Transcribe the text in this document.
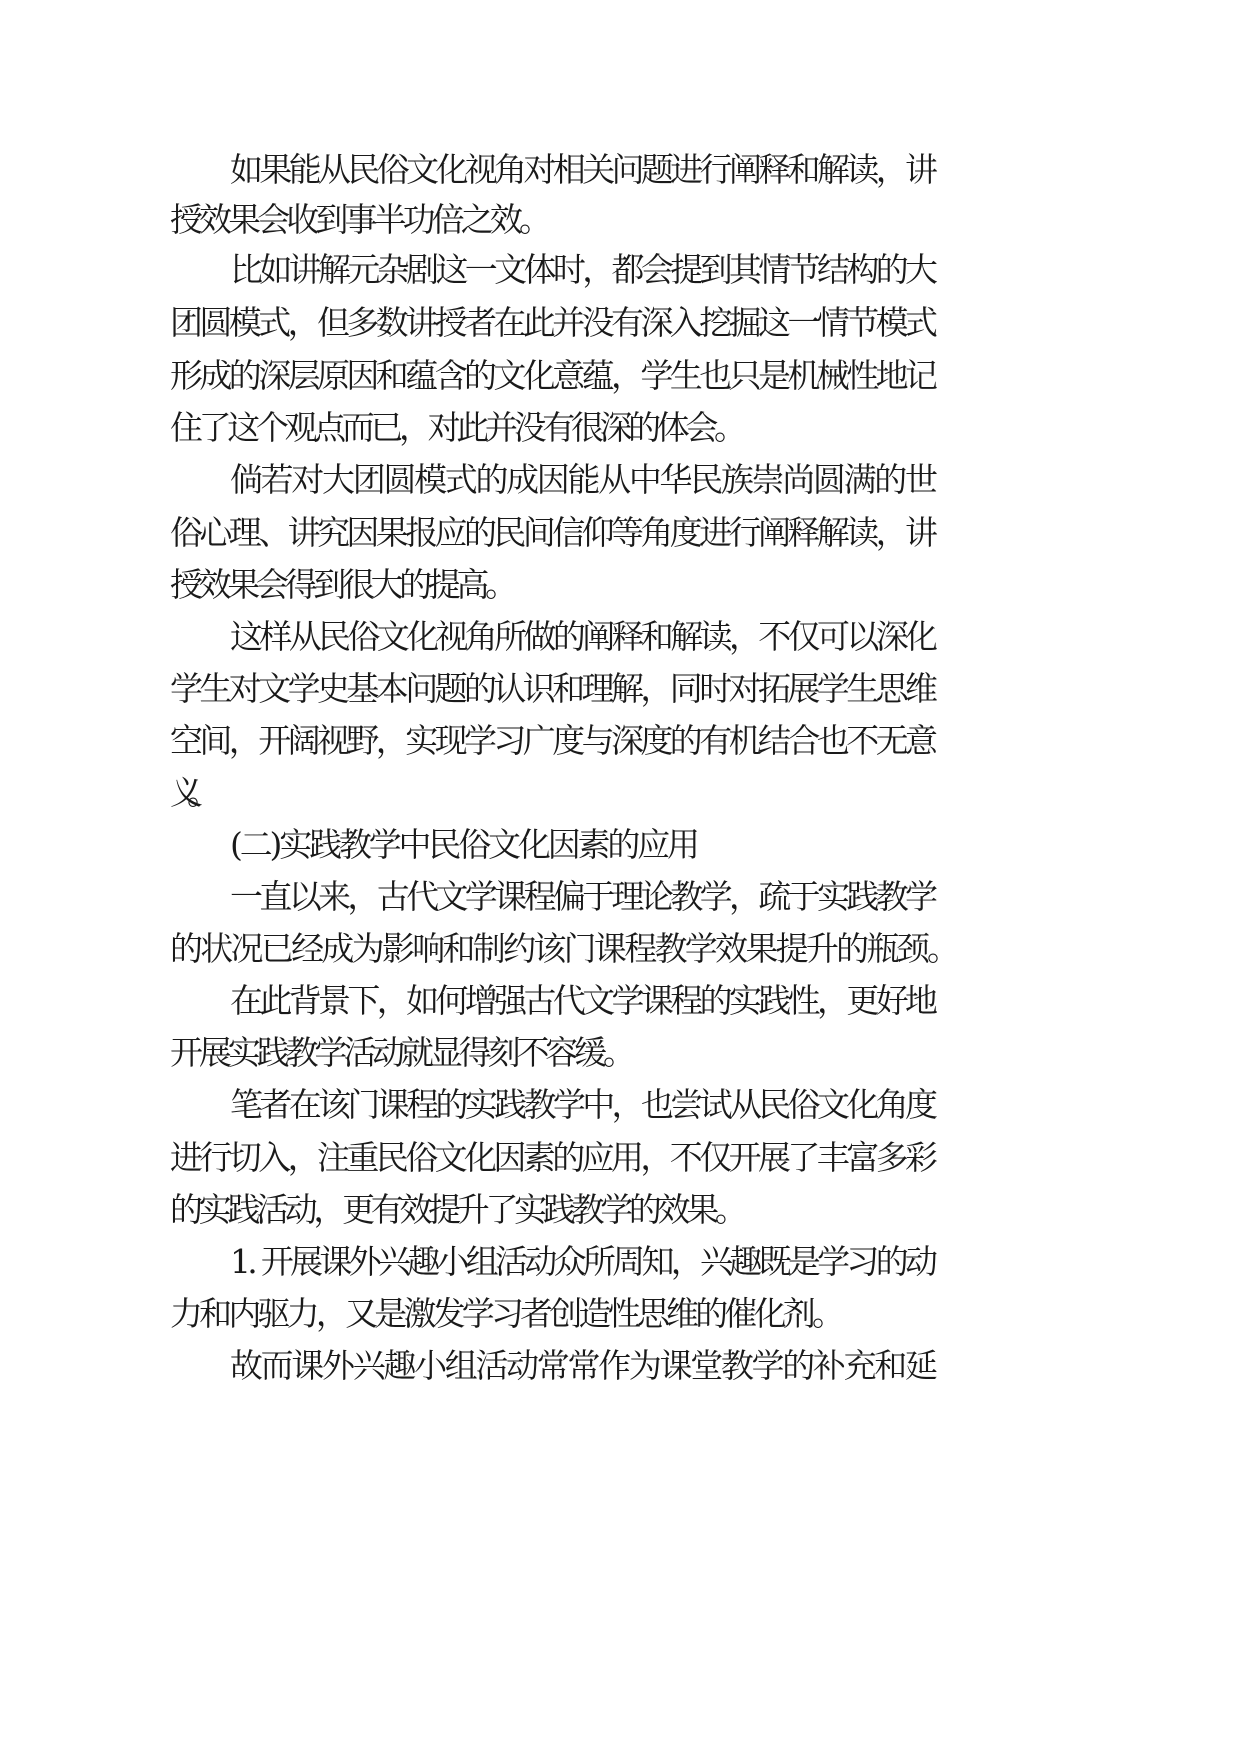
如果能从民俗文化视角对相关问题进行阐释和解读，讲
授效果会收到事半功倍之效。
比如讲解元杂剧这一文体时，都会提到其情节结构的大
团圆模式，但多数讲授者在此并没有深入挖掘这一情节模式
形成的深层原因和蕴含的文化意蕴，学生也只是机械性地记
住了这个观点而已，对此并没有很深的体会。
倘若对大团圆模式的成因能从中华民族崇尚圆满的世
俗心理、讲究因果报应的民间信仰等角度进行阐释解读，讲
授效果会得到很大的提高。
这样从民俗文化视角所做的阐释和解读，不仅可以深化
学生对文学史基本问题的认识和理解，同时对拓展学生思维
空间，开阔视野，实现学习广度与深度的有机结合也不无意
义。
(二)实践教学中民俗文化因素的应用
一直以来，古代文学课程偏于理论教学，疏于实践教学
的状况已经成为影响和制约该门课程教学效果提升的瓶颈。
在此背景下，如何增强古代文学课程的实践性，更好地
开展实践教学活动就显得刻不容缓。
笔者在该门课程的实践教学中，也尝试从民俗文化角度
进行切入，注重民俗文化因素的应用，不仅开展了丰富多彩
的实践活动，更有效提升了实践教学的效果。
1. 开展课外兴趣小组活动众所周知，兴趣既是学习的动
力和内驱力，又是激发学习者创造性思维的催化剂。
故而课外兴趣小组活动常常作为课堂教学的补充和延
